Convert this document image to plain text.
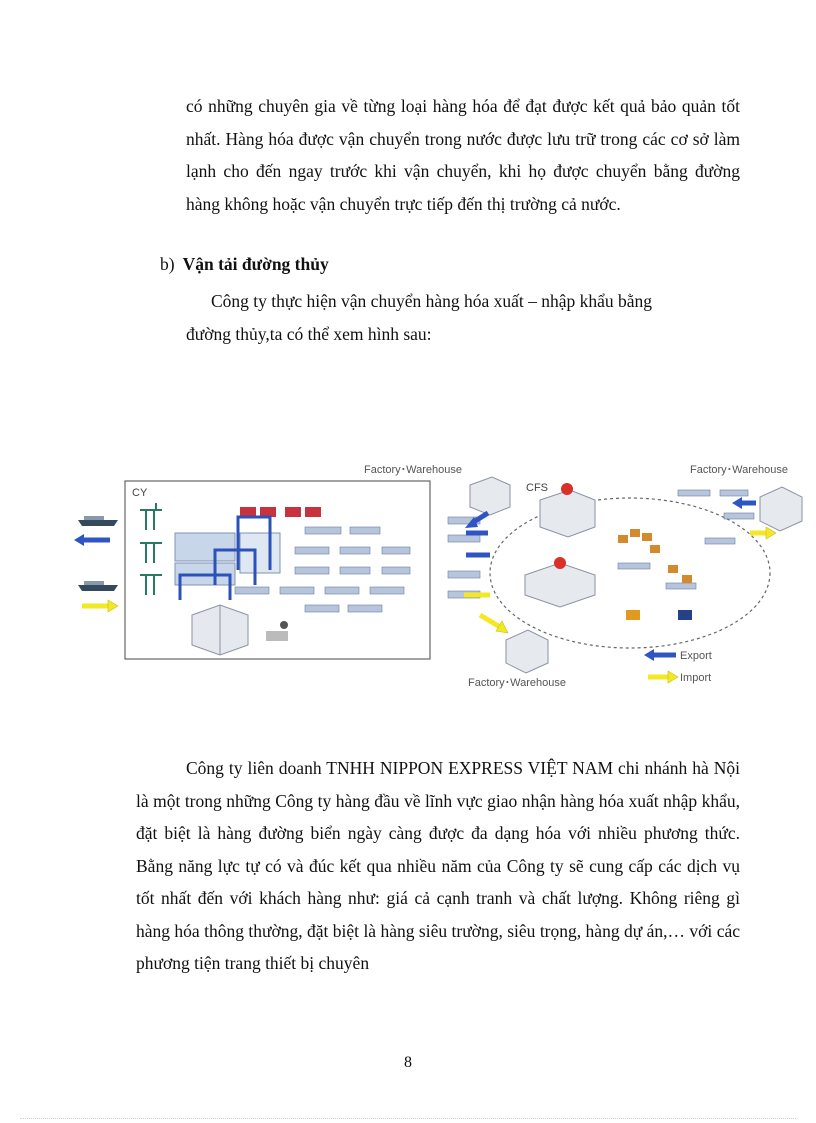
có những chuyên gia về từng loại hàng hóa để đạt được kết quả bảo quản tốt nhất. Hàng hóa được vận chuyển trong nước được lưu trữ trong các cơ sở làm lạnh cho đến ngay trước khi vận chuyển, khi họ được chuyển bằng đường hàng không hoặc vận chuyển trực tiếp đến thị trường cả nước.
b) Vận tải đường thủy
Công ty thực hiện vận chuyển hàng hóa xuất – nhập khẩu bằng
đường thủy,ta có thể xem hình sau:
CY
Factory･Warehouse
CFS
Factory･Warehouse
Factory･Warehouse
Export
Import
Công ty liên doanh TNHH NIPPON EXPRESS VIỆT NAM chi nhánh hà Nội là một trong những Công ty hàng đầu về lĩnh vực giao nhận hàng hóa xuất nhập khẩu, đặt biệt là hàng đường biển ngày càng được đa dạng hóa với nhiều phương thức. Bằng năng lực tự có và đúc kết qua nhiều năm của Công ty sẽ cung cấp các dịch vụ tốt nhất đến với khách hàng như: giá cả cạnh tranh và chất lượng. Không riêng gì hàng hóa thông thường, đặt biệt là hàng siêu trường, siêu trọng, hàng dự án,… với các phương tiện trang thiết bị chuyên
8
